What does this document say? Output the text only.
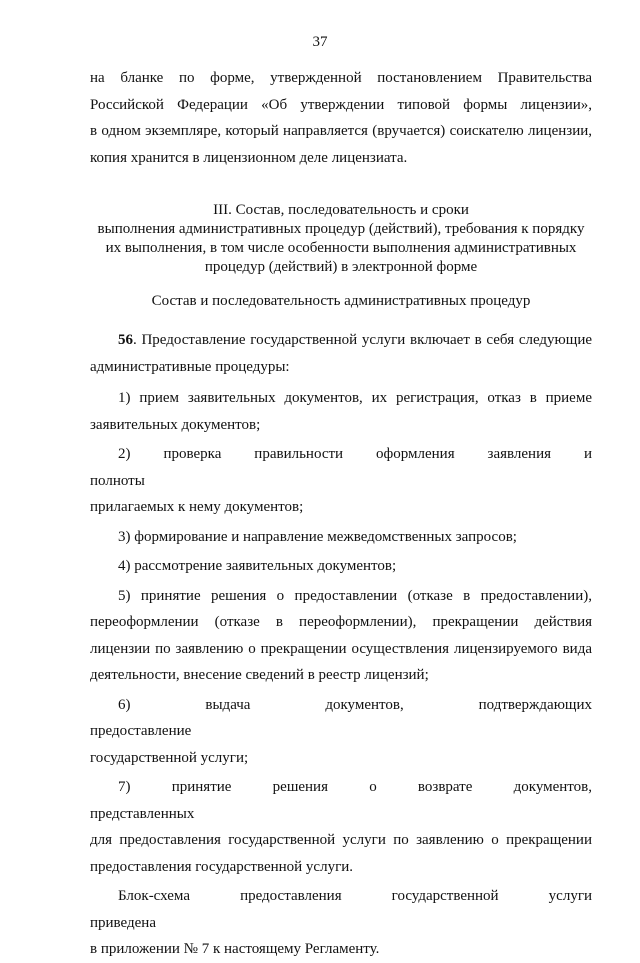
37
на бланке по форме, утвержденной постановлением Правительства
Российской Федерации «Об утверждении типовой формы лицензии»,
в одном экземпляре, который направляется (вручается) соискателю лицензии,
копия хранится в лицензионном деле лицензиата.
III. Состав, последовательность и сроки
выполнения административных процедур (действий), требования к порядку
их выполнения, в том числе особенности выполнения административных
процедур (действий) в электронной форме
Состав и последовательность административных процедур
56. Предоставление государственной услуги включает в себя следующие
административные процедуры:
1) прием заявительных документов, их регистрация, отказ в приеме
заявительных документов;
2) проверка правильности оформления заявления и полноты
прилагаемых к нему документов;
3) формирование и направление межведомственных запросов;
4) рассмотрение заявительных документов;
5) принятие решения о предоставлении (отказе в предоставлении),
переоформлении (отказе в переоформлении), прекращении действия
лицензии по заявлению о прекращении осуществления лицензируемого вида
деятельности, внесение сведений в реестр лицензий;
6) выдача документов, подтверждающих предоставление
государственной услуги;
7) принятие решения о возврате документов, представленных
для предоставления государственной услуги по заявлению о прекращении
предоставления государственной услуги.
Блок-схема предоставления государственной услуги приведена
в приложении № 7 к настоящему Регламенту.
